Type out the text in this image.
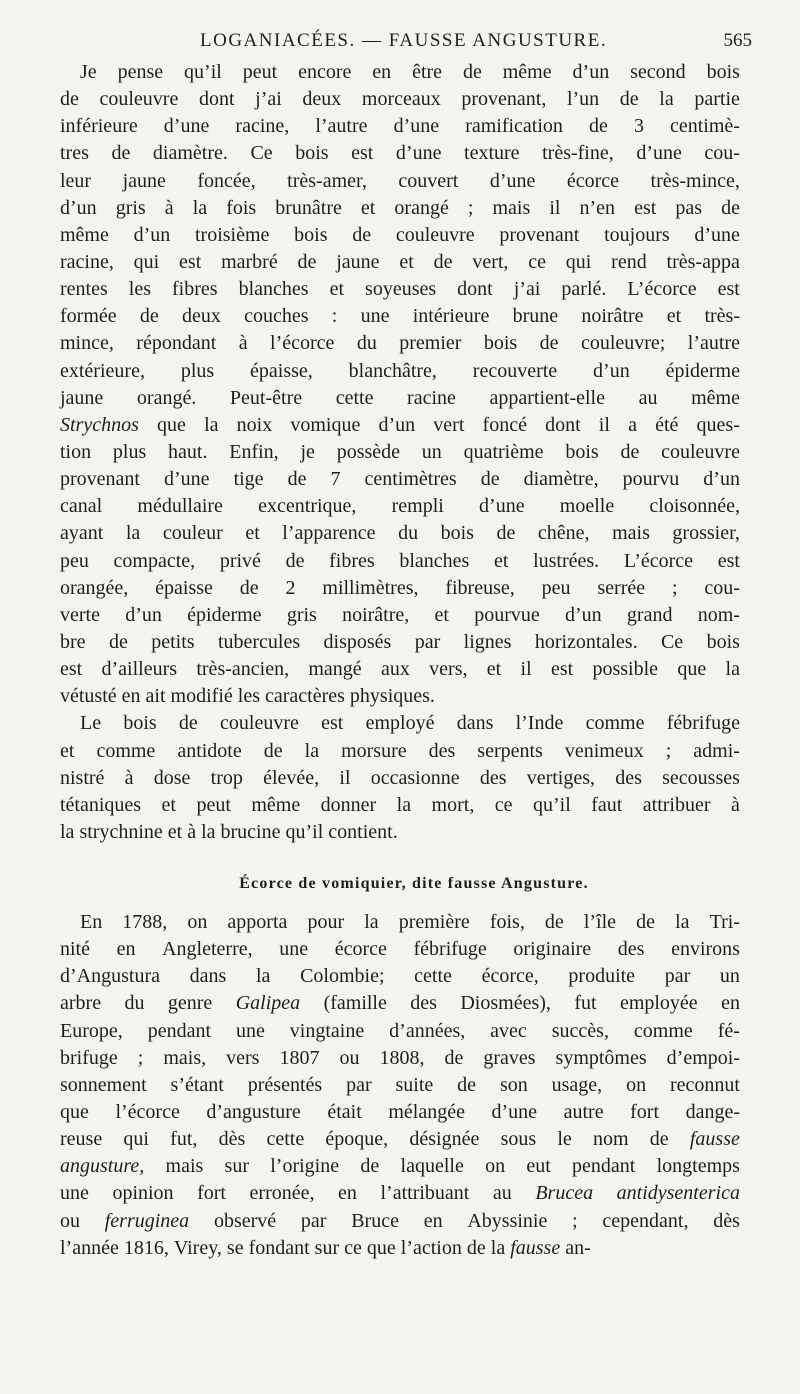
LOGANIACÉES. — FAUSSE ANGUSTURE.	565
Je pense qu’il peut encore en être de même d’un second bois
de couleuvre dont j’ai deux morceaux provenant, l’un de la partie
inférieure d’une racine, l’autre d’une ramification de 3 centimè-
tres de diamètre. Ce bois est d’une texture très-fine, d’une cou-
leur jaune foncée, très-amer, couvert d’une écorce très-mince,
d’un gris à la fois brunâtre et orangé ; mais il n’en est pas de
même d’un troisième bois de couleuvre provenant toujours d’une
racine, qui est marbré de jaune et de vert, ce qui rend très-appa
rentes les fibres blanches et soyeuses dont j’ai parlé. L’écorce est
formée de deux couches : une intérieure brune noirâtre et très-
mince, répondant à l’écorce du premier bois de couleuvre; l’autre
extérieure, plus épaisse, blanchâtre, recouverte d’un épiderme
jaune orangé. Peut-être cette racine appartient-elle au même
Strychnos que la noix vomique d’un vert foncé dont il a été ques-
tion plus haut. Enfin, je possède un quatrième bois de couleuvre
provenant d’une tige de 7 centimètres de diamètre, pourvu d’un
canal médullaire excentrique, rempli d’une moelle cloisonnée,
ayant la couleur et l’apparence du bois de chêne, mais grossier,
peu compacte, privé de fibres blanches et lustrées. L’écorce est
orangée, épaisse de 2 millimètres, fibreuse, peu serrée ; cou-
verte d’un épiderme gris noirâtre, et pourvue d’un grand nom-
bre de petits tubercules disposés par lignes horizontales. Ce bois
est d’ailleurs très-ancien, mangé aux vers, et il est possible que la
vétusté
en
ait
modifié
les
caractères
physiques.
Le bois de couleuvre est employé dans l’Inde comme fébrifuge
et comme antidote de la morsure des serpents venimeux ; admi-
nistré à dose trop élevée, il occasionne des vertiges, des secousses
tétaniques et peut même donner la mort, ce qu’il faut attribuer à
la
strychnine
et
à
la
brucine
qu’il
contient.
Écorce de vomiquier, dite fausse Angusture.
En 1788, on apporta pour la première fois, de l’île de la Tri-
nité en Angleterre, une écorce fébrifuge originaire des environs
d’Angustura dans la Colombie; cette écorce, produite par un
arbre du genre Galipea (famille des Diosmées), fut employée en
Europe, pendant une vingtaine d’années, avec succès, comme fé-
brifuge ; mais, vers 1807 ou 1808, de graves symptômes d’empoi-
sonnement s’étant présentés par suite de son usage, on reconnut
que l’écorce d’angusture était mélangée d’une autre fort dange-
reuse qui fut, dès cette époque, désignée sous le nom de fausse
angusture, mais sur l’origine de laquelle on eut pendant longtemps
une opinion fort erronée, en l’attribuant au Brucea antidysenterica
ou ferruginea observé par Bruce en Abyssinie ; cependant, dès
l’année
1816,
Virey,
se
fondant
sur
ce
que
l’action
de
la
fausse
an-
